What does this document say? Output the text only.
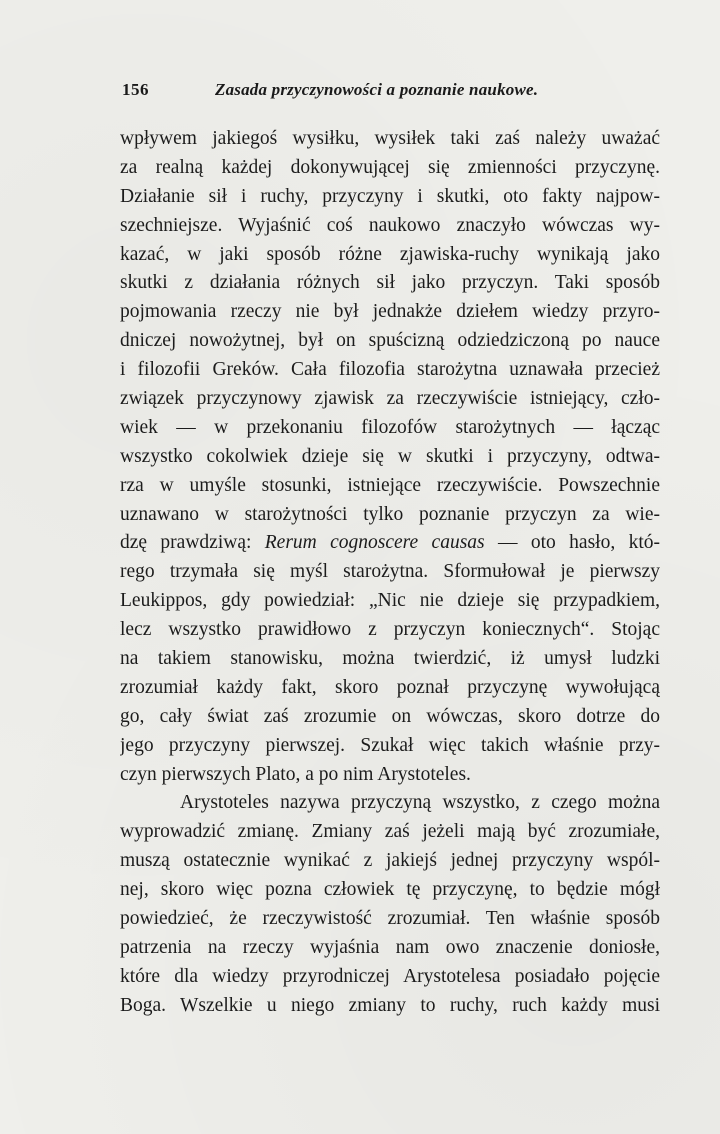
156	Zasada przyczynowości a poznanie naukowe.
wpływem jakiegoś wysiłku, wysiłek taki zaś należy uważać
za realną każdej dokonywującej się zmienności przyczynę.
Działanie sił i ruchy, przyczyny i skutki, oto fakty najpow-
szechniejsze. Wyjaśnić coś naukowo znaczyło wówczas wy-
kazać, w jaki sposób różne zjawiska-ruchy wynikają jako
skutki z działania różnych sił jako przyczyn. Taki sposób
pojmowania rzeczy nie był jednakże dziełem wiedzy przyro-
dniczej nowożytnej, był on spuścizną odziedziczoną po nauce
i filozofii Greków. Cała filozofia starożytna uznawała przecież
związek przyczynowy zjawisk za rzeczywiście istniejący, czło-
wiek — w przekonaniu filozofów starożytnych — łącząc
wszystko cokolwiek dzieje się w skutki i przyczyny, odtwa-
rza w umyśle stosunki, istniejące rzeczywiście. Powszechnie
uznawano w starożytności tylko poznanie przyczyn za wie-
dzę prawdziwą: Rerum cognoscere causas — oto hasło, któ-
rego trzymała się myśl starożytna. Sformułował je pierwszy
Leukippos, gdy powiedział: „Nic nie dzieje się przypadkiem,
lecz wszystko prawidłowo z przyczyn koniecznych“. Stojąc
na takiem stanowisku, można twierdzić, iż umysł ludzki
zrozumiał każdy fakt, skoro poznał przyczynę wywołującą
go, cały świat zaś zrozumie on wówczas, skoro dotrze do
jego przyczyny pierwszej. Szukał więc takich właśnie przy-
czyn pierwszych Plato, a po nim Arystoteles.
Arystoteles nazywa przyczyną wszystko, z czego można
wyprowadzić zmianę. Zmiany zaś jeżeli mają być zrozumiałe,
muszą ostatecznie wynikać z jakiejś jednej przyczyny wspól-
nej, skoro więc pozna człowiek tę przyczynę, to będzie mógł
powiedzieć, że rzeczywistość zrozumiał. Ten właśnie sposób
patrzenia na rzeczy wyjaśnia nam owo znaczenie doniosłe,
które dla wiedzy przyrodniczej Arystotelesa posiadało pojęcie
Boga. Wszelkie u niego zmiany to ruchy, ruch każdy musi
